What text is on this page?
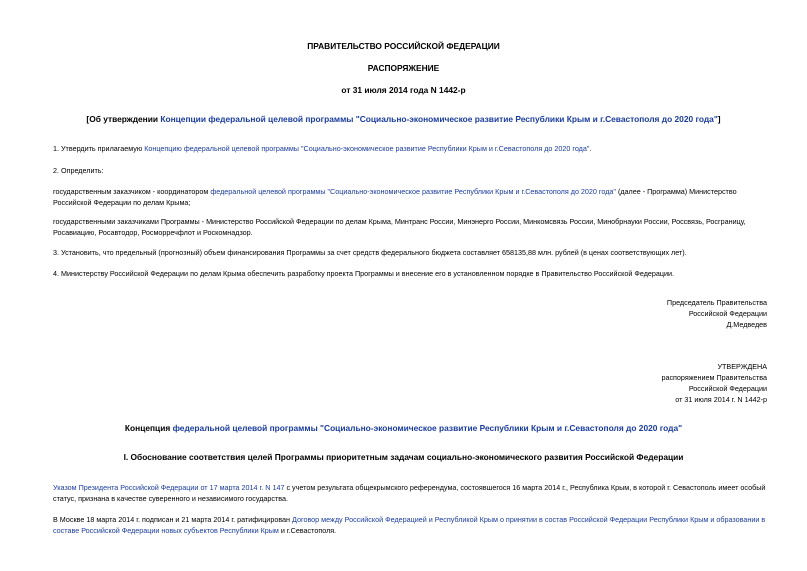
ПРАВИТЕЛЬСТВО РОССИЙСКОЙ ФЕДЕРАЦИИ
РАСПОРЯЖЕНИЕ
от 31 июля 2014 года N 1442-р
[Об утверждении Концепции федеральной целевой программы "Социально-экономическое развитие Республики Крым и г.Севастополя до 2020 года"]

1. Утвердить прилагаемую Концепцию федеральной целевой программы "Социально-экономическое развитие Республики Крым и г.Севастополя до 2020 года".

2. Определить:

государственным заказчиком - координатором федеральной целевой программы "Социально-экономическое развитие Республики Крым и г.Севастополя до 2020 года" (далее - Программа) Министерство Российской Федерации по делам Крыма;

государственными заказчиками Программы - Министерство Российской Федерации по делам Крыма, Минтранс России, Минэнерго России, Минкомсвязь России, Минобрнауки России, Россвязь, Росграницу, Росавиацию, Росавтодор, Росморречфлот и Роскомнадзор.

3. Установить, что предельный (прогнозный) объем финансирования Программы за счет средств федерального бюджета составляет 658135,88 млн. рублей (в ценах соответствующих лет).

4. Министерству Российской Федерации по делам Крыма обеспечить разработку проекта Программы и внесение его в установленном порядке в Правительство Российской Федерации.

Председатель Правительства
Российской Федерации
Д.Медведев
УТВЕРЖДЕНА
распоряжением Правительства
Российской Федерации
от 31 июля 2014 г. N 1442-р
Концепция федеральной целевой программы "Социально-экономическое развитие Республики Крым и г.Севастополя до 2020 года"
I. Обоснование соответствия целей Программы приоритетным задачам социально-экономического развития Российской Федерации

Указом Президента Российской Федерации от 17 марта 2014 г. N 147 с учетом результата общекрымского референдума, состоявшегося 16 марта 2014 г., Республика Крым, в которой г. Севастополь имеет особый статус, признана в качестве суверенного и независимого государства.

В Москве 18 марта 2014 г. подписан и 21 марта 2014 г. ратифицирован Договор между Российской Федерацией и Республикой Крым о принятии в состав Российской Федерации Республики Крым и образовании в составе Российской Федерации новых субъектов Республики Крым и г.Севастополя.
